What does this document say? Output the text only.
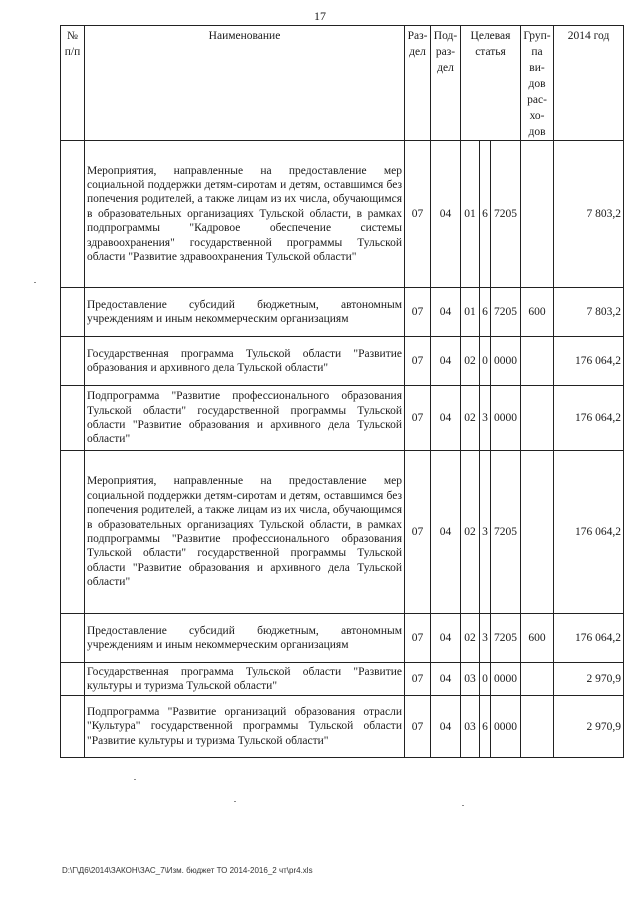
17
№ п/п	Наименование	Раз-дел	Под-раз-дел	Целевая статья			Груп-па ви-дов рас-хо-дов	2014 год
	Мероприятия, направленные на предоставление мер социальной поддержки детям-сиротам и детям, оставшимся без попечения родителей, а также лицам из их числа, обучающимся в образовательных организациях Тульской области, в рамках подпрограммы "Кадровое обеспечение системы здравоохранения" государственной программы Тульской области "Развитие здравоохранения Тульской области"	07	04	01	6	7205		7 803,2
	Предоставление субсидий бюджетным, автономным учреждениям и иным некоммерческим организациям	07	04	01	6	7205	600	7 803,2
	Государственная программа Тульской области "Развитие образования и архивного дела Тульской области"	07	04	02	0	0000		176 064,2
	Подпрограмма "Развитие профессионального образования Тульской области" государственной программы Тульской области "Развитие образования и архивного дела Тульской области"	07	04	02	3	0000		176 064,2
	Мероприятия, направленные на предоставление мер социальной поддержки детям-сиротам и детям, оставшимся без попечения родителей, а также лицам из их числа, обучающимся в образовательных организациях Тульской области, в рамках подпрограммы "Развитие профессионального образования Тульской области" государственной программы Тульской области "Развитие образования и архивного дела Тульской области"	07	04	02	3	7205		176 064,2
	Предоставление субсидий бюджетным, автономным учреждениям и иным некоммерческим организациям	07	04	02	3	7205	600	176 064,2
	Государственная программа Тульской области "Развитие культуры и туризма Тульской области"	07	04	03	0	0000		2 970,9
	Подпрограмма "Развитие организаций образования отрасли "Культура" государственной программы Тульской области "Развитие культуры и туризма Тульской области"	07	04	03	6	0000		2 970,9
D:\Г\Д6\2014\ЗАКОН\ЗАС_7\Изм. бюджет ТО 2014-2016_2 чт\pr4.xls
